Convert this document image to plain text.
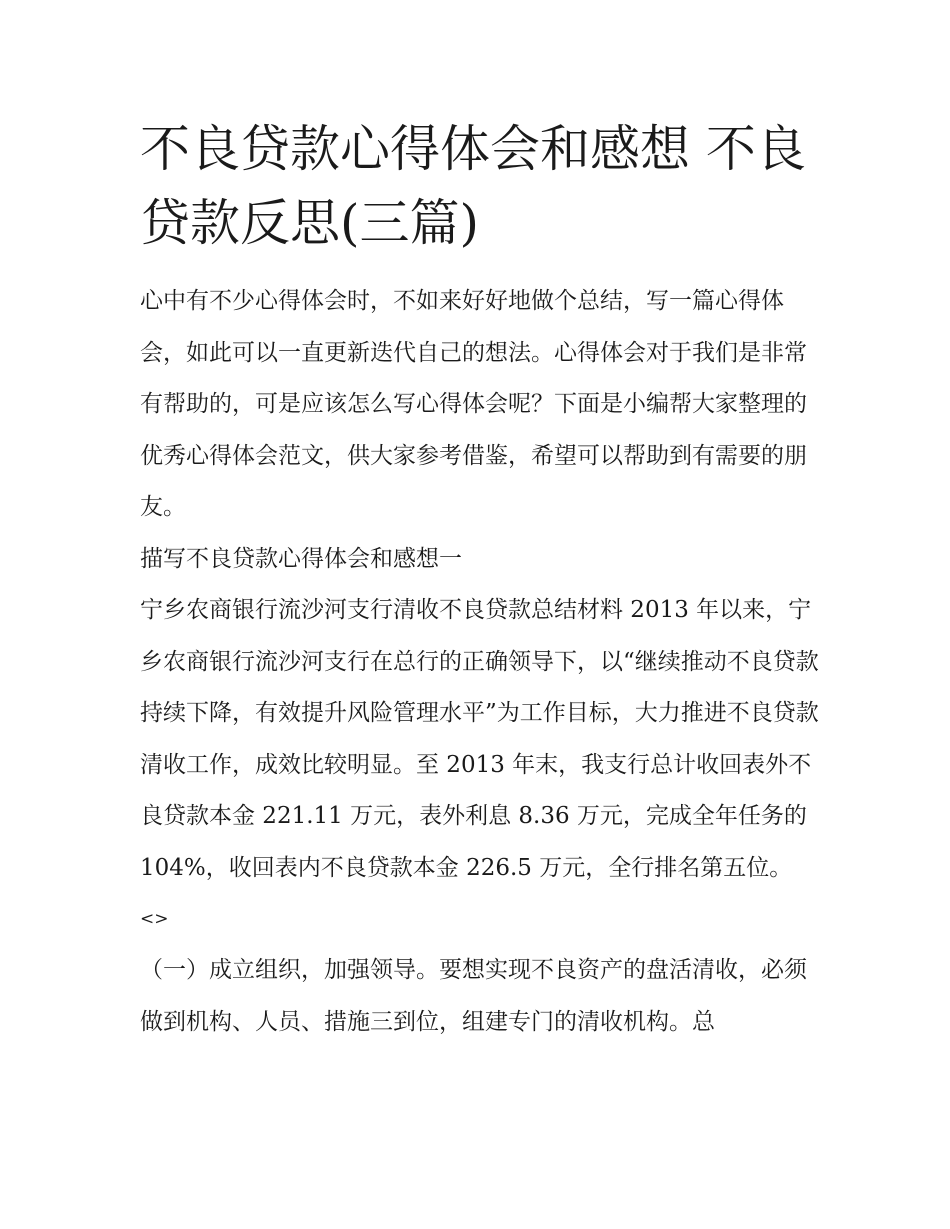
不良贷款心得体会和感想 不良贷款反思(三篇)

心中有不少心得体会时，不如来好好地做个总结，写一篇心得体会，如此可以一直更新迭代自己的想法。心得体会对于我们是非常有帮助的，可是应该怎么写心得体会呢？下面是小编帮大家整理的优秀心得体会范文，供大家参考借鉴，希望可以帮助到有需要的朋友。

描写不良贷款心得体会和感想一

宁乡农商银行流沙河支行清收不良贷款总结材料 2013 年以来，宁乡农商银行流沙河支行在总行的正确领导下，以“继续推动不良贷款持续下降，有效提升风险管理水平”为工作目标，大力推进不良贷款清收工作，成效比较明显。至 2013 年末，我支行总计收回表外不良贷款本金 221.11 万元，表外利息 8.36 万元，完成全年任务的 104%，收回表内不良贷款本金 226.5 万元，全行排名第五位。

<>

（一）成立组织，加强领导。要想实现不良资产的盘活清收，必须做到机构、人员、措施三到位，组建专门的清收机构。总
